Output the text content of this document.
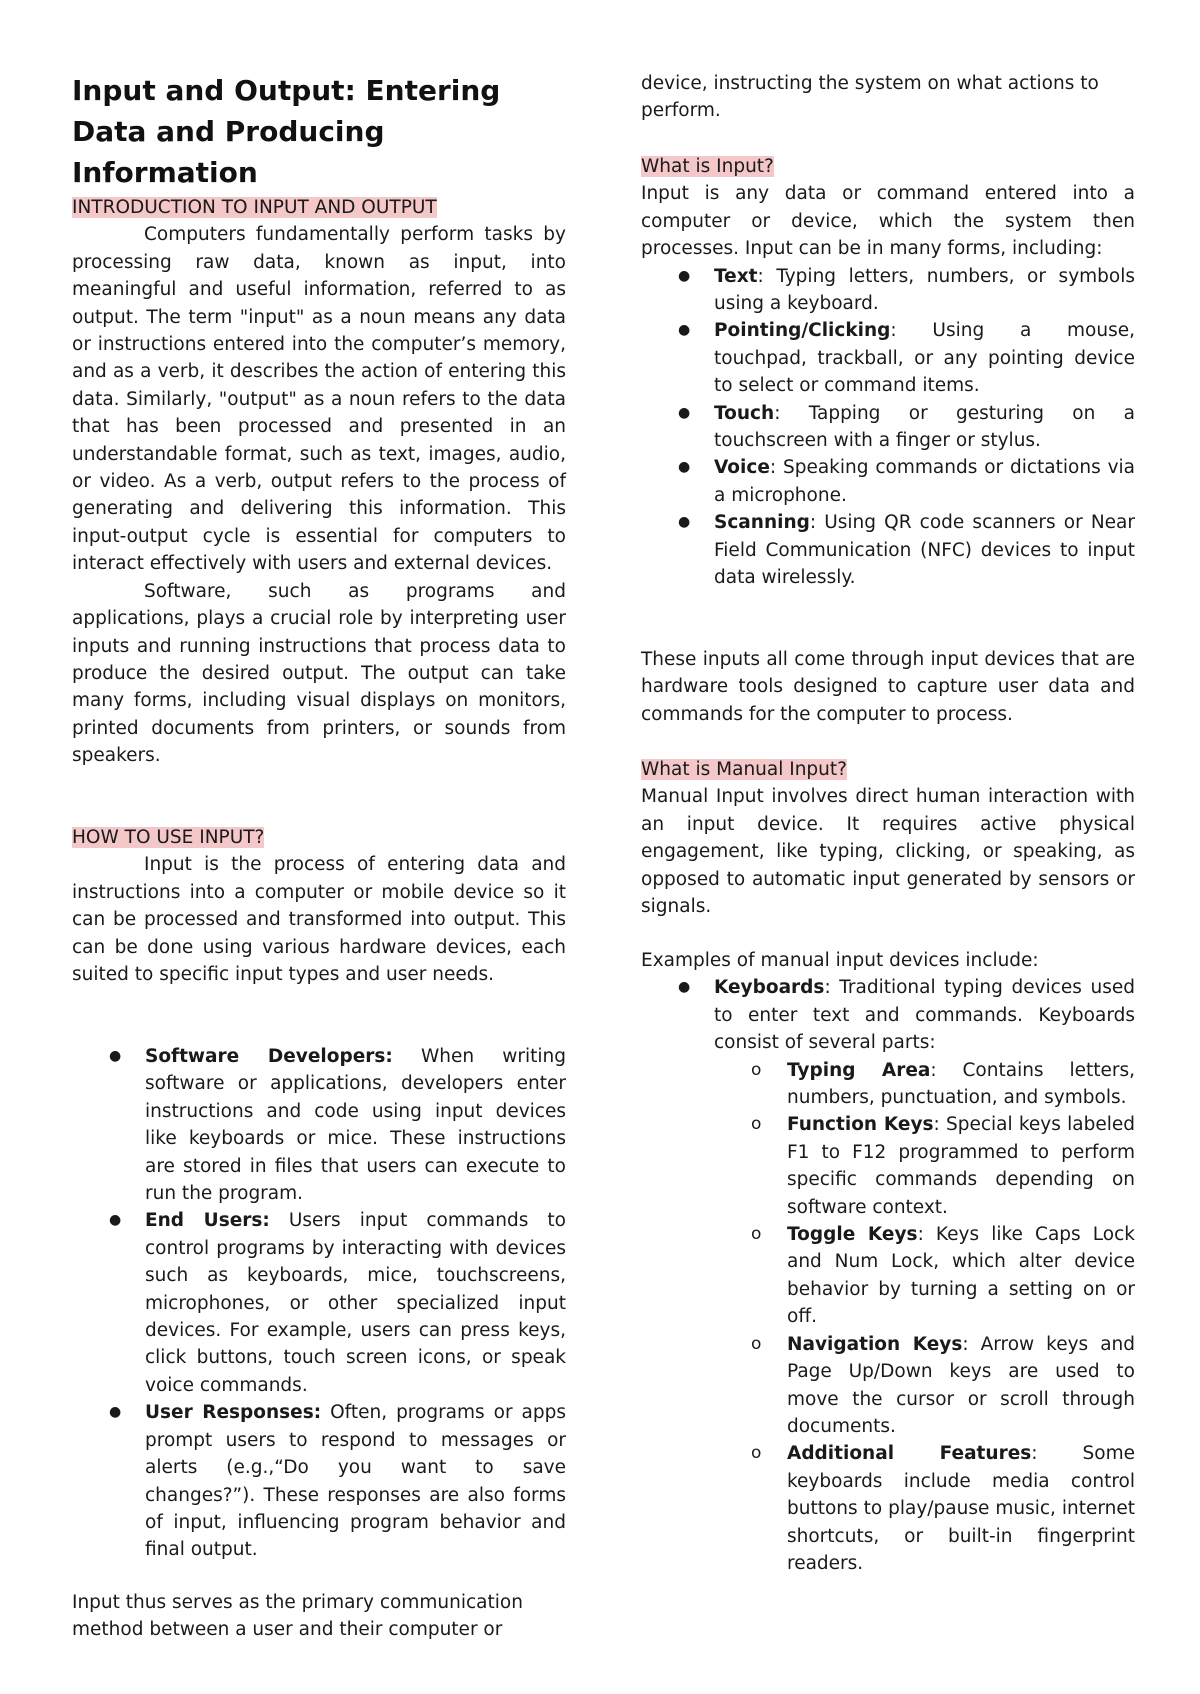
Input and Output: Entering Data and Producing Information

INTRODUCTION TO INPUT AND OUTPUT

Computers fundamentally perform tasks by processing raw data, known as input, into meaningful and useful information, referred to as output. The term "input" as a noun means any data or instructions entered into the computer’s memory, and as a verb, it describes the action of entering this data. Similarly, "output" as a noun refers to the data that has been processed and presented in an understandable format, such as text, images, audio, or video. As a verb, output refers to the process of generating and delivering this information. This input-output cycle is essential for computers to interact effectively with users and external devices.

Software, such as programs and applications, plays a crucial role by interpreting user inputs and running instructions that process data to produce the desired output. The output can take many forms, including visual displays on monitors, printed documents from printers, or sounds from speakers.

HOW TO USE INPUT?

Input is the process of entering data and instructions into a computer or mobile device so it can be processed and transformed into output. This can be done using various hardware devices, each suited to specific input types and user needs.

● Software Developers: When writing software or applications, developers enter instructions and code using input devices like keyboards or mice. These instructions are stored in files that users can execute to run the program.
● End Users: Users input commands to control programs by interacting with devices such as keyboards, mice, touchscreens, microphones, or other specialized input devices. For example, users can press keys, click buttons, touch screen icons, or speak voice commands.
● User Responses: Often, programs or apps prompt users to respond to messages or alerts (e.g.,“Do you want to save changes?”). These responses are also forms of input, influencing program behavior and final output.

Input thus serves as the primary communication method between a user and their computer or

device, instructing the system on what actions to perform.

What is Input?

Input is any data or command entered into a computer or device, which the system then processes. Input can be in many forms, including:

● Text: Typing letters, numbers, or symbols using a keyboard.
● Pointing/Clicking: Using a mouse, touchpad, trackball, or any pointing device to select or command items.
● Touch: Tapping or gesturing on a touchscreen with a finger or stylus.
● Voice: Speaking commands or dictations via a microphone.
● Scanning: Using QR code scanners or Near Field Communication (NFC) devices to input data wirelessly.

These inputs all come through input devices that are hardware tools designed to capture user data and commands for the computer to process.

What is Manual Input?

Manual Input involves direct human interaction with an input device. It requires active physical engagement, like typing, clicking, or speaking, as opposed to automatic input generated by sensors or signals.

Examples of manual input devices include:

● Keyboards: Traditional typing devices used to enter text and commands. Keyboards consist of several parts:
o Typing Area: Contains letters, numbers, punctuation, and symbols.
o Function Keys: Special keys labeled F1 to F12 programmed to perform specific commands depending on software context.
o Toggle Keys: Keys like Caps Lock and Num Lock, which alter device behavior by turning a setting on or off.
o Navigation Keys: Arrow keys and Page Up/Down keys are used to move the cursor or scroll through documents.
o Additional Features: Some keyboards include media control buttons to play/pause music, internet shortcuts, or built-in fingerprint readers.
